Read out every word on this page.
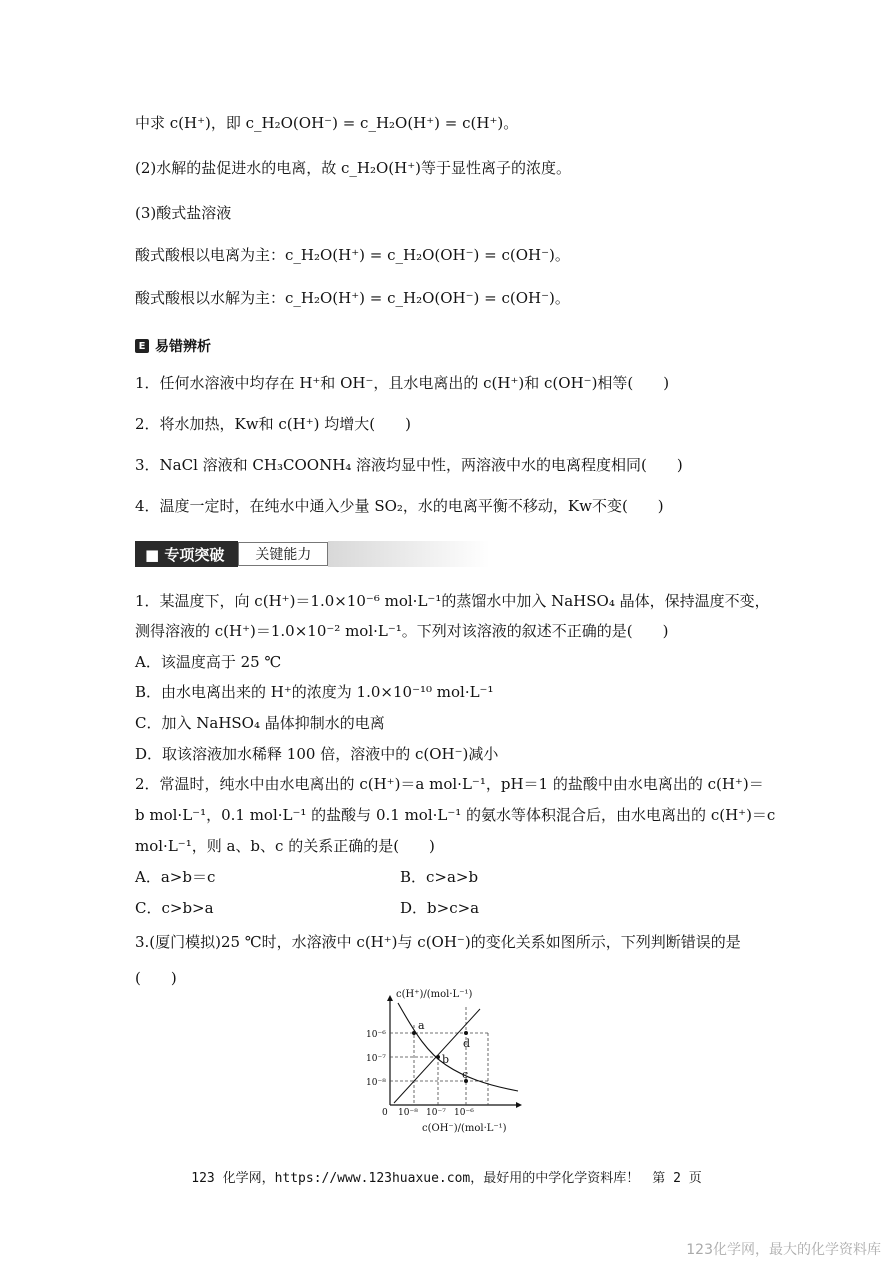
中求 c(H⁺)，即 c_H₂O(OH⁻) = c_H₂O(H⁺) = c(H⁺)。
(2)水解的盐促进水的电离，故 c_H₂O(H⁺)等于显性离子的浓度。
(3)酸式盐溶液
酸式酸根以电离为主：c_H₂O(H⁺) = c_H₂O(OH⁻) = c(OH⁻)。
酸式酸根以水解为主：c_H₂O(H⁺) = c_H₂O(OH⁻) = c(OH⁻)。
E 易错辨析
1．任何水溶液中均存在 H⁺和 OH⁻，且水电离出的 c(H⁺)和 c(OH⁻)相等(　　)
2．将水加热，Kw和 c(H⁺) 均增大(　　)
3．NaCl 溶液和 CH₃COONH₄ 溶液均显中性，两溶液中水的电离程度相同(　　)
4．温度一定时，在纯水中通入少量 SO₂，水的电离平衡不移动，Kw不变(　　)
■ 专项突破	关键能力
1．某温度下，向 c(H⁺)＝1.0×10⁻⁶ mol·L⁻¹的蒸馏水中加入 NaHSO₄ 晶体，保持温度不变，
测得溶液的 c(H⁺)＝1.0×10⁻² mol·L⁻¹。下列对该溶液的叙述不正确的是(　　)
A．该温度高于 25 ℃
B．由水电离出来的 H⁺的浓度为 1.0×10⁻¹⁰ mol·L⁻¹
C．加入 NaHSO₄ 晶体抑制水的电离
D．取该溶液加水稀释 100 倍，溶液中的 c(OH⁻)减小
2．常温时，纯水中由水电离出的 c(H⁺)＝a mol·L⁻¹，pH＝1 的盐酸中由水电离出的 c(H⁺)＝
b mol·L⁻¹，0.1 mol·L⁻¹ 的盐酸与 0.1 mol·L⁻¹ 的氨水等体积混合后，由水电离出的 c(H⁺)＝c
mol·L⁻¹，则 a、b、c 的关系正确的是(　　)
A．a>b＝c	B．c>a>b
C．c>b>a	D．b>c>a
3.(厦门模拟)25 ℃时，水溶液中 c(H⁺)与 c(OH⁻)的变化关系如图所示，下列判断错误的是
(　　)
a
b
c
d
c(H⁺)/(mol·L⁻¹)
c(OH⁻)/(mol·L⁻¹)
10⁻⁶
10⁻⁷
10⁻⁸
0 10⁻⁸ 10⁻⁷ 10⁻⁶
123 化学网，https://www.123huaxue.com，最好用的中学化学资料库！　第 2 页
123化学网，最大的化学资料库
